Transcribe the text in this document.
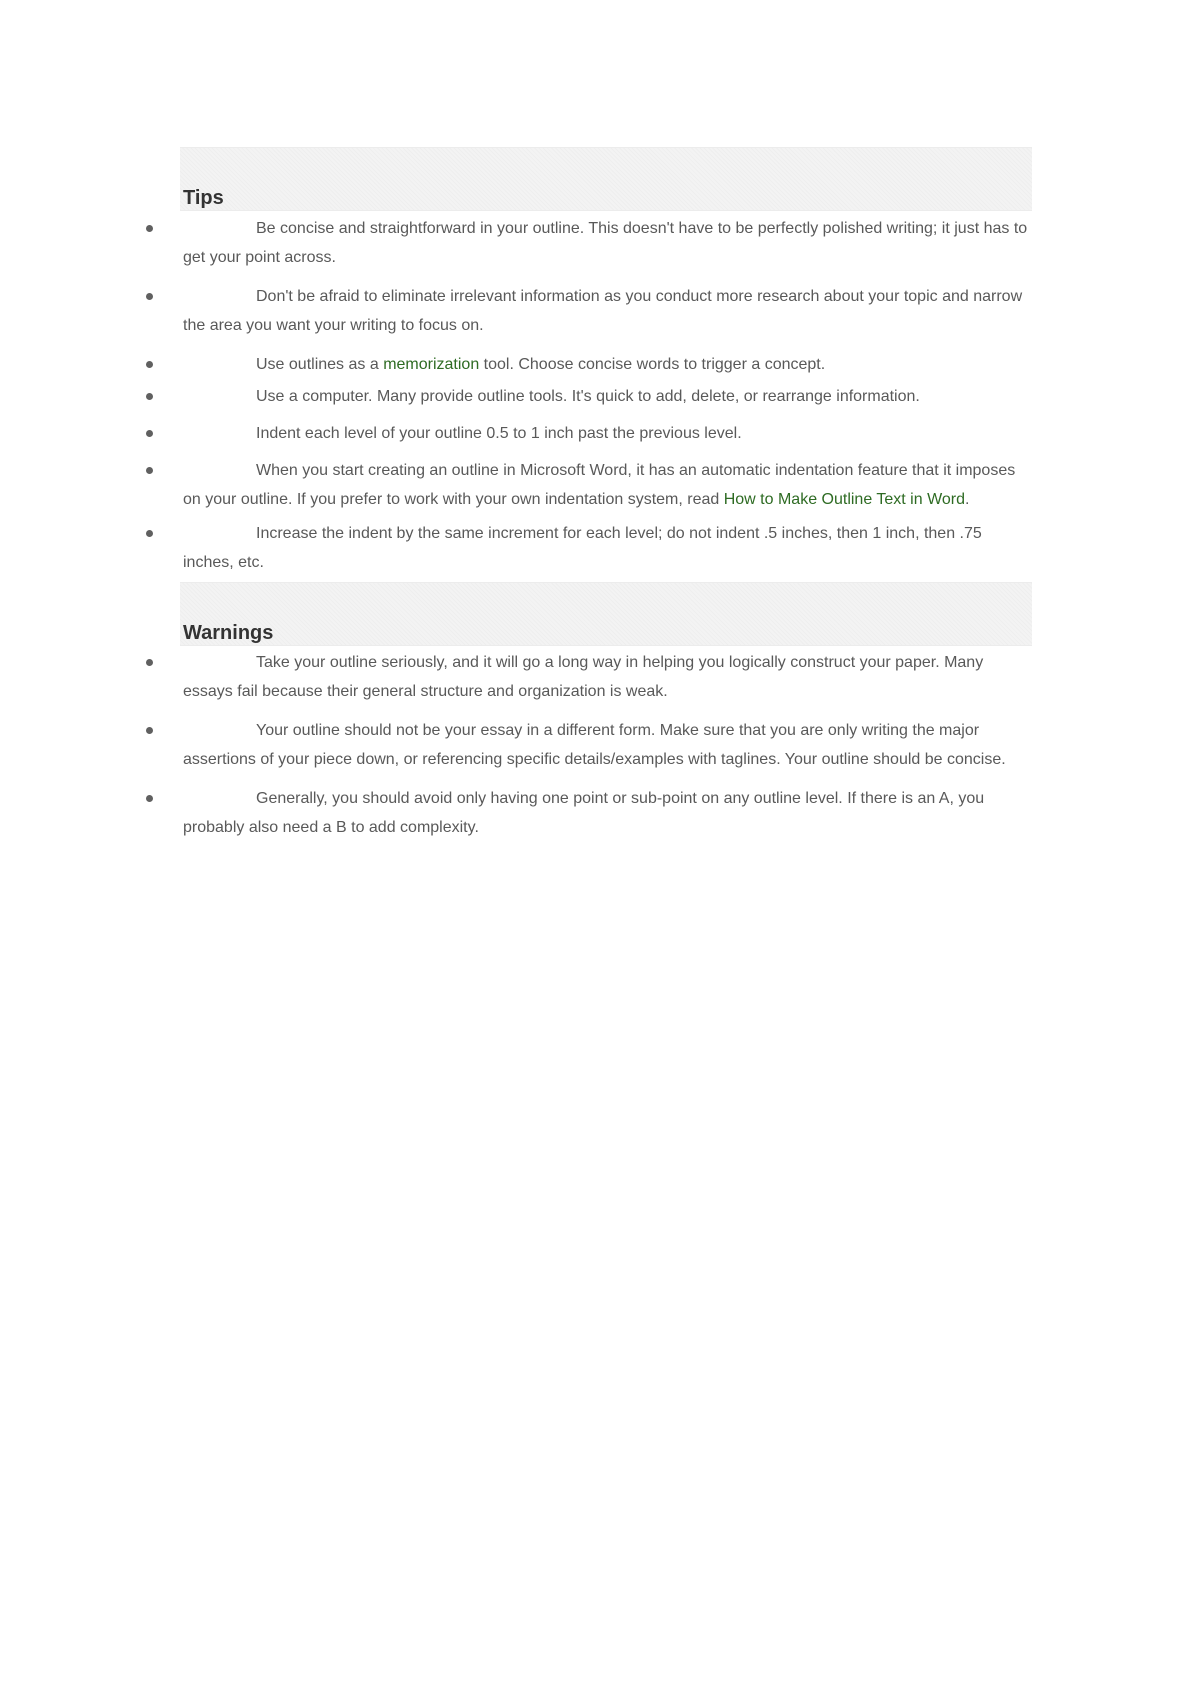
Tips

Be concise and straightforward in your outline. This doesn't have to be perfectly polished writing; it just has to get your point across.

Don't be afraid to eliminate irrelevant information as you conduct more research about your topic and narrow the area you want your writing to focus on.

Use outlines as a memorization tool. Choose concise words to trigger a concept.

Use a computer. Many provide outline tools. It's quick to add, delete, or rearrange information.

Indent each level of your outline 0.5 to 1 inch past the previous level.

When you start creating an outline in Microsoft Word, it has an automatic indentation feature that it imposes on your outline. If you prefer to work with your own indentation system, read How to Make Outline Text in Word.

Increase the indent by the same increment for each level; do not indent .5 inches, then 1 inch, then .75 inches, etc.

Warnings

Take your outline seriously, and it will go a long way in helping you logically construct your paper. Many essays fail because their general structure and organization is weak.

Your outline should not be your essay in a different form. Make sure that you are only writing the major assertions of your piece down, or referencing specific details/examples with taglines. Your outline should be concise.

Generally, you should avoid only having one point or sub-point on any outline level. If there is an A, you probably also need a B to add complexity.
